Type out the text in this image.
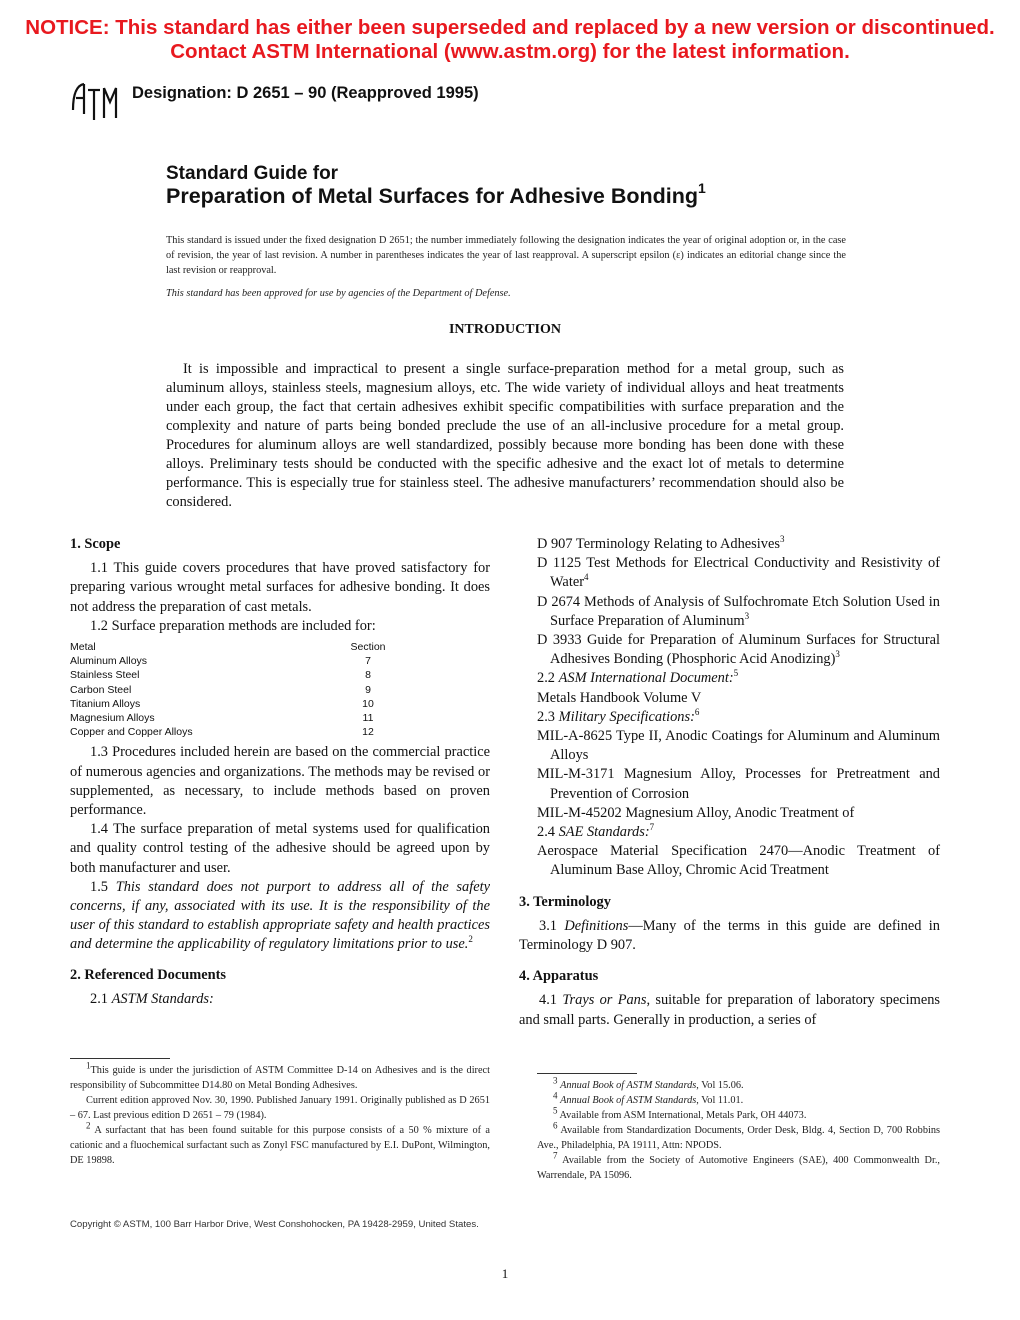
NOTICE: This standard has either been superseded and replaced by a new version or discontinued.
Contact ASTM International (www.astm.org) for the latest information.
Designation: D 2651 – 90 (Reapproved 1995)
Standard Guide for
Preparation of Metal Surfaces for Adhesive Bonding$^1$
This standard is issued under the fixed designation D 2651; the number immediately following the designation indicates the year of original adoption or, in the case of revision, the year of last revision. A number in parentheses indicates the year of last reapproval. A superscript epsilon (ε) indicates an editorial change since the last revision or reapproval.
This standard has been approved for use by agencies of the Department of Defense.
INTRODUCTION
It is impossible and impractical to present a single surface-preparation method for a metal group, such as aluminum alloys, stainless steels, magnesium alloys, etc. The wide variety of individual alloys and heat treatments under each group, the fact that certain adhesives exhibit specific compatibilities with surface preparation and the complexity and nature of parts being bonded preclude the use of an all-inclusive procedure for a metal group. Procedures for aluminum alloys are well standardized, possibly because more bonding has been done with these alloys. Preliminary tests should be conducted with the specific adhesive and the exact lot of metals to determine performance. This is especially true for stainless steel. The adhesive manufacturers’ recommendation should also be considered.

1. Scope

1.1 This guide covers procedures that have proved satisfactory for preparing various wrought metal surfaces for adhesive bonding. It does not address the preparation of cast metals.

1.2 Surface preparation methods are included for:

Metal	Section
Aluminum Alloys	7
Stainless Steel	8
Carbon Steel	9
Titanium Alloys	10
Magnesium Alloys	11
Copper and Copper Alloys	12

1.3 Procedures included herein are based on the commercial practice of numerous agencies and organizations. The methods may be revised or supplemented, as necessary, to include methods based on proven performance.

1.4 The surface preparation of metal systems used for qualification and quality control testing of the adhesive should be agreed upon by both manufacturer and user.

1.5 This standard does not purport to address all of the safety concerns, if any, associated with its use. It is the responsibility of the user of this standard to establish appropriate safety and health practices and determine the applicability of regulatory limitations prior to use.$^2$

2. Referenced Documents

2.1 ASTM Standards:

$^1$This guide is under the jurisdiction of ASTM Committee D-14 on Adhesives and is the direct responsibility of Subcommittee D14.80 on Metal Bonding Adhesives.

Current edition approved Nov. 30, 1990. Published January 1991. Originally published as D 2651 – 67. Last previous edition D 2651 – 79 (1984).

$^2$ A surfactant that has been found suitable for this purpose consists of a 50 % mixture of a cationic and a fluochemical surfactant such as Zonyl FSC manufactured by E.I. DuPont, Wilmington, DE 19898.

D 907 Terminology Relating to Adhesives$^3$

D 1125 Test Methods for Electrical Conductivity and Resistivity of Water$^4$

D 2674 Methods of Analysis of Sulfochromate Etch Solution Used in Surface Preparation of Aluminum$^3$

D 3933 Guide for Preparation of Aluminum Surfaces for Structural Adhesives Bonding (Phosphoric Acid Anodizing)$^3$

2.2 ASM International Document:$^5$

Metals Handbook Volume V

2.3 Military Specifications:$^6$

MIL-A-8625 Type II, Anodic Coatings for Aluminum and Aluminum Alloys

MIL-M-3171 Magnesium Alloy, Processes for Pretreatment and Prevention of Corrosion

MIL-M-45202 Magnesium Alloy, Anodic Treatment of

2.4 SAE Standards:$^7$

Aerospace Material Specification 2470—Anodic Treatment of Aluminum Base Alloy, Chromic Acid Treatment

3. Terminology

3.1 Definitions—Many of the terms in this guide are defined in Terminology D 907.

4. Apparatus

4.1 Trays or Pans, suitable for preparation of laboratory specimens and small parts. Generally in production, a series of

$^3$ Annual Book of ASTM Standards, Vol 15.06.

$^4$ Annual Book of ASTM Standards, Vol 11.01.

$^5$ Available from ASM International, Metals Park, OH 44073.

$^6$ Available from Standardization Documents, Order Desk, Bldg. 4, Section D, 700 Robbins Ave., Philadelphia, PA 19111, Attn: NPODS.

$^7$ Available from the Society of Automotive Engineers (SAE), 400 Commonwealth Dr., Warrendale, PA 15096.

Copyright © ASTM, 100 Barr Harbor Drive, West Conshohocken, PA 19428-2959, United States.
1
